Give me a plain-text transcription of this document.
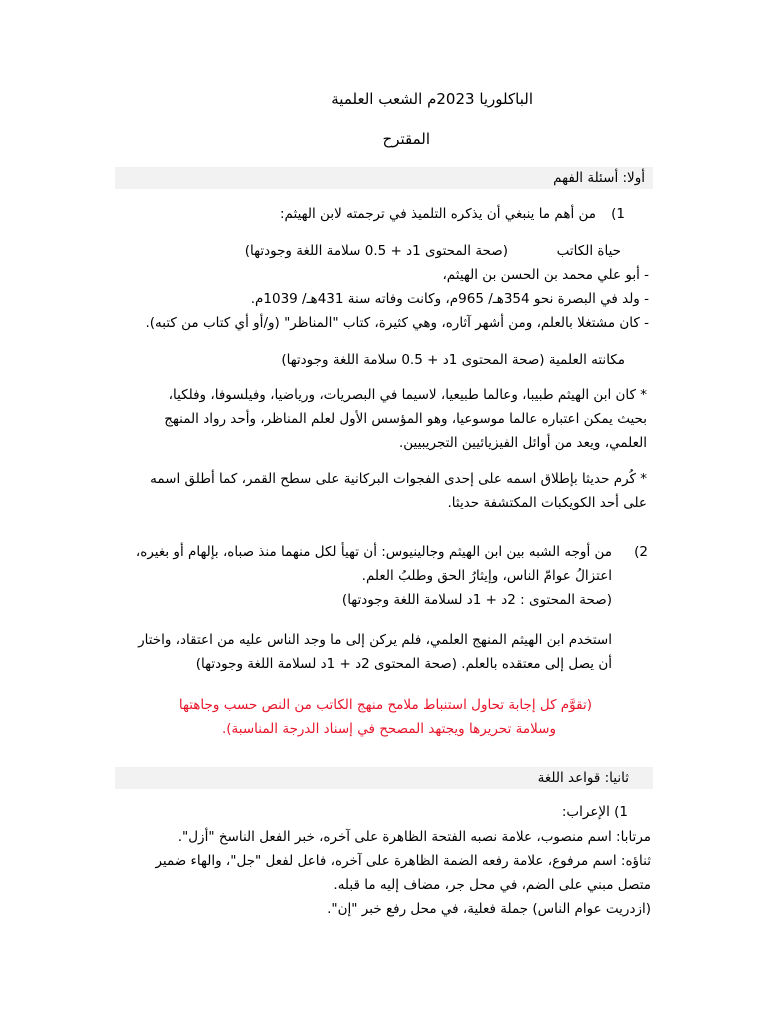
الباكلوريا 2023م الشعب العلمية
المقترح
أولا: أسئلة الفهم
1)
من أهم ما ينبغي أن يذكره التلميذ في ترجمته لابن الهيثم:
حياة الكاتب
(صحة المحتوى 1د + 0.5 سلامة اللغة وجودتها)
- أبو علي محمد بن الحسن بن الهيثم،
- ولد في البصرة نحو 354هـ/ 965م، وكانت وفاته سنة 431هـ/ 1039م.
- كان مشتغلا بالعلم، ومن أشهر آثاره، وهي كثيرة، كتاب "المناظر" (و/أو أي كتاب من كتبه).
مكانته العلمية (صحة المحتوى 1د + 0.5 سلامة اللغة وجودتها)
* كان ابن الهيثم طبيبا، وعالما طبيعيا، لاسيما في البصريات، ورياضيا، وفيلسوفا، وفلكيا،
بحيث يمكن اعتباره عالما موسوعيا، وهو المؤسس الأول لعلم المناظر، وأحد رواد المنهج
العلمي، ويعد من أوائل الفيزيائيين التجريبيين.
* كُرم حديثا بإطلاق اسمه على إحدى الفجوات البركانية على سطح القمر، كما أطلق اسمه
على أحد الكويكبات المكتشفة حديثا.
2)
من أوجه الشبه بين ابن الهيثم وجالينيوس: أن تهيأ لكل منهما منذ صباه، بإلهام أو بغيره،
اعتزالُ عوامّ الناس، وإيثارُ الحق وطلبُ العلم.
(صحة المحتوى : 2د + 1د لسلامة اللغة وجودتها)
استخدم ابن الهيثم المنهج العلمي، فلم يركن إلى ما وجد الناس عليه من اعتقاد، واختار
أن يصل إلى معتقده بالعلم. (صحة المحتوى 2د + 1د لسلامة اللغة وجودتها)
(تقوَّم كل إجابة تحاول استنباط ملامح منهج الكاتب من النص حسب وجاهتها
وسلامة تحريرها ويجتهد المصحح في إسناد الدرجة المناسبة).
ثانيا: قواعد اللغة
1) الإعراب:
مرتابا: اسم منصوب، علامة نصبه الفتحة الظاهرة على آخره، خبر الفعل الناسخ "أزل".
ثناؤه: اسم مرفوع، علامة رفعه الضمة الظاهرة على آخره، فاعل لفعل "جل"، والهاء ضمير
متصل مبني على الضم، في محل جر، مضاف إليه ما قبله.
(ازدريت عوام الناس) جملة فعلية، في محل رفع خبر "إن".
